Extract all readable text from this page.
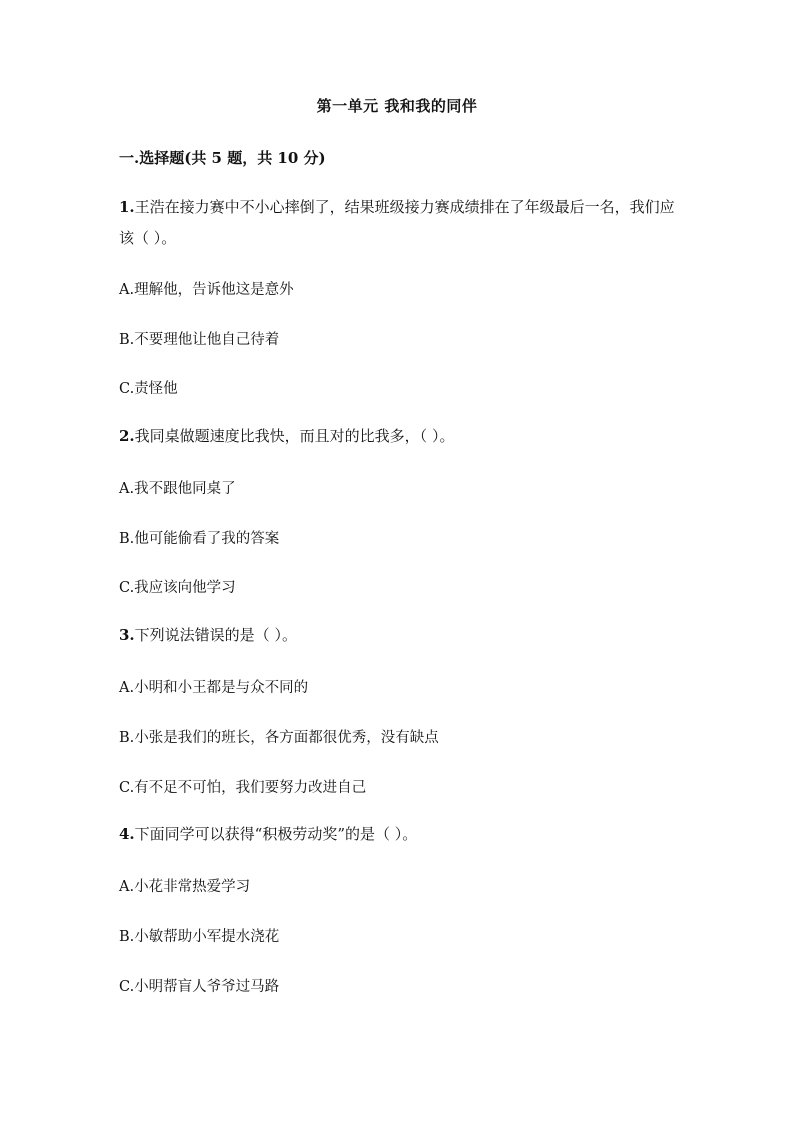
第一单元 我和我的同伴
一.选择题(共 5 题，共 10 分)
1.王浩在接力赛中不小心摔倒了，结果班级接力赛成绩排在了年级最后一名，我们应该（ ）。
A.理解他，告诉他这是意外
B.不要理他让他自己待着
C.责怪他
2.我同桌做题速度比我快，而且对的比我多，（ ）。
A.我不跟他同桌了
B.他可能偷看了我的答案
C.我应该向他学习
3.下列说法错误的是（ ）。
A.小明和小王都是与众不同的
B.小张是我们的班长，各方面都很优秀，没有缺点
C.有不足不可怕，我们要努力改进自己
4.下面同学可以获得“积极劳动奖”的是（ ）。
A.小花非常热爱学习
B.小敏帮助小军提水浇花
C.小明帮盲人爷爷过马路
